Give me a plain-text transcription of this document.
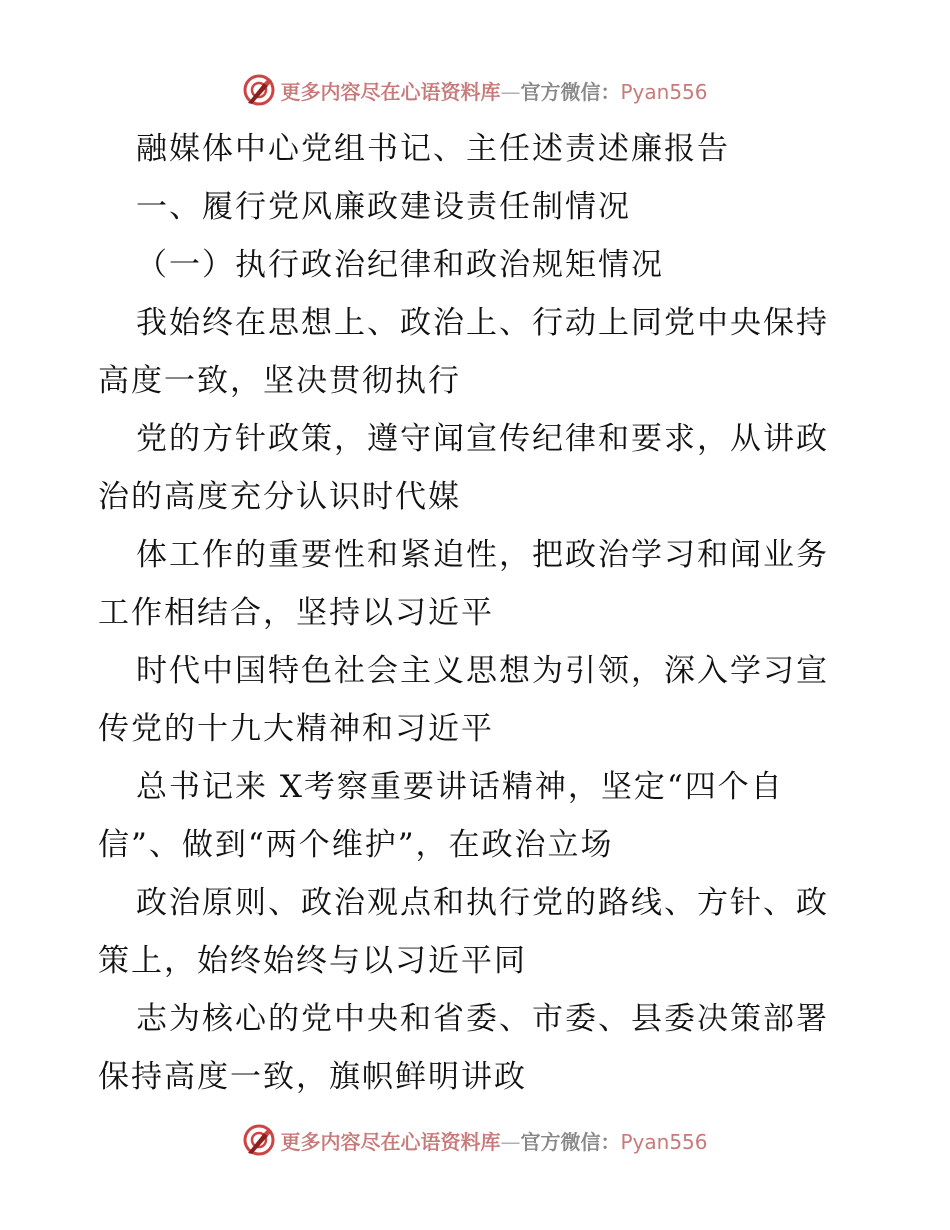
更多内容尽在心语资料库—官方微信：Pyan556
融媒体中心党组书记、主任述责述廉报告
一、履行党风廉政建设责任制情况
（一）执行政治纪律和政治规矩情况
我始终在思想上、政治上、行动上同党中央保持
高度一致，坚决贯彻执行
党的方针政策，遵守闻宣传纪律和要求，从讲政
治的高度充分认识时代媒
体工作的重要性和紧迫性，把政治学习和闻业务
工作相结合，坚持以习近平
时代中国特色社会主义思想为引领，深入学习宣
传党的十九大精神和习近平
总书记来 X考察重要讲话精神，坚定“四个自
信”、做到“两个维护”，在政治立场
政治原则、政治观点和执行党的路线、方针、政
策上，始终始终与以习近平同
志为核心的党中央和省委、市委、县委决策部署
保持高度一致，旗帜鲜明讲政
更多内容尽在心语资料库—官方微信：Pyan556
